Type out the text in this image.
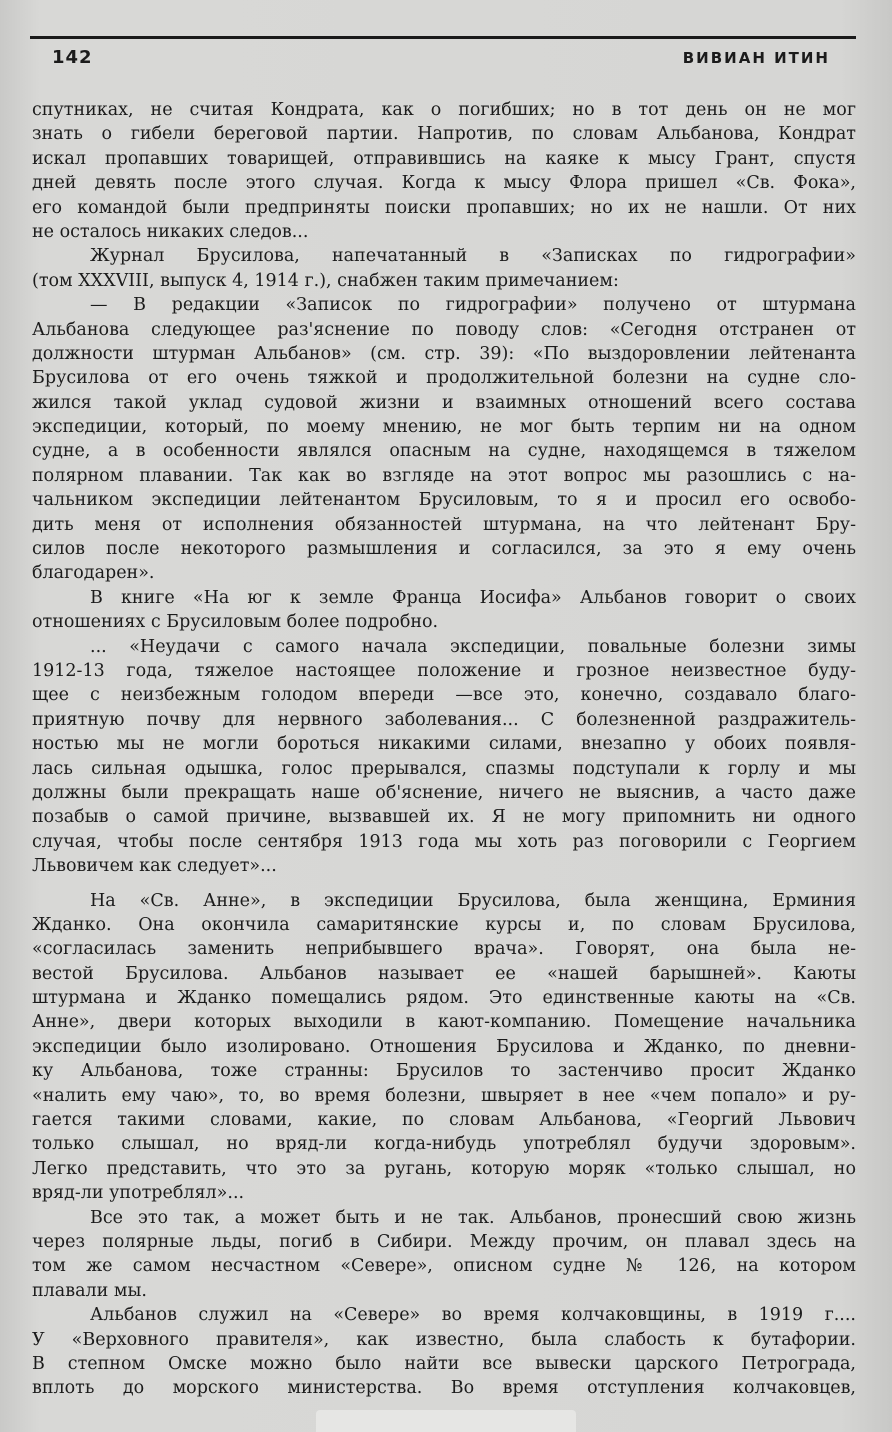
142	ВИВИАН ИТИН
спутниках, не считая Кондрата, как о погибших; но в тот день он не мог
знать о гибели береговой партии. Напротив, по словам Альбанова, Кондрат
искал пропавших товарищей, отправившись на каяке к мысу Грант, спустя
дней девять после этого случая. Когда к мысу Флора пришел «Св. Фока»,
его командой были предприняты поиски пропавших; но их не нашли. От них
не осталось никаких следов...
Журнал Брусилова, напечатанный в «Записках по гидрографии»
(том XXXVIII, выпуск 4, 1914 г.), снабжен таким примечанием:
— В редакции «Записок по гидрографии» получено от штурмана
Альбанова следующее раз'яснение по поводу слов: «Сегодня отстранен от
должности штурман Альбанов» (см. стр. 39): «По выздоровлении лейтенанта
Брусилова от его очень тяжкой и продолжительной болезни на судне сло-
жился такой уклад судовой жизни и взаимных отношений всего состава
экспедиции, который, по моему мнению, не мог быть терпим ни на одном
судне, а в особенности являлся опасным на судне, находящемся в тяжелом
полярном плавании. Так как во взгляде на этот вопрос мы разошлись с на-
чальником экспедиции лейтенантом Брусиловым, то я и просил его освобо-
дить меня от исполнения обязанностей штурмана, на что лейтенант Бру-
силов после некоторого размышления и согласился, за это я ему очень
благодарен».
В книге «На юг к земле Франца Иосифа» Альбанов говорит о своих
отношениях с Брусиловым более подробно.
... «Неудачи с самого начала экспедиции, повальные болезни зимы
1912-13 года, тяжелое настоящее положение и грозное неизвестное буду-
щее с неизбежным голодом впереди —все это, конечно, создавало благо-
приятную почву для нервного заболевания... С болезненной раздражитель-
ностью мы не могли бороться никакими силами, внезапно у обоих появля-
лась сильная одышка, голос прерывался, спазмы подступали к горлу и мы
должны были прекращать наше об'яснение, ничего не выяснив, а часто даже
позабыв о самой причине, вызвавшей их. Я не могу припомнить ни одного
случая, чтобы после сентября 1913 года мы хоть раз поговорили с Георгием
Львовичем как следует»...
На «Св. Анне», в экспедиции Брусилова, была женщина, Ерминия
Жданко. Она окончила самаритянские курсы и, по словам Брусилова,
«согласилась заменить неприбывшего врача». Говорят, она была не-
вестой Брусилова. Альбанов называет ее «нашей барышней». Каюты
штурмана и Жданко помещались рядом. Это единственные каюты на «Св.
Анне», двери которых выходили в кают-компанию. Помещение начальника
экспедиции было изолировано. Отношения Брусилова и Жданко, по дневни-
ку Альбанова, тоже странны: Брусилов то застенчиво просит Жданко
«налить ему чаю», то, во время болезни, швыряет в нее «чем попало» и ру-
гается такими словами, какие, по словам Альбанова, «Георгий Львович
только слышал, но вряд-ли когда-нибудь употреблял будучи здоровым».
Легко представить, что это за ругань, которую моряк «только слышал, но
вряд-ли употреблял»...
Все это так, а может быть и не так. Альбанов, пронесший свою жизнь
через полярные льды, погиб в Сибири. Между прочим, он плавал здесь на
том же самом несчастном «Севере», описном судне № 126, на котором
плавали мы.
Альбанов служил на «Севере» во время колчаковщины, в 1919 г....
У «Верховного правителя», как известно, была слабость к бутафории.
В степном Омске можно было найти все вывески царского Петрограда,
вплоть до морского министерства. Во время отступления колчаковцев,
